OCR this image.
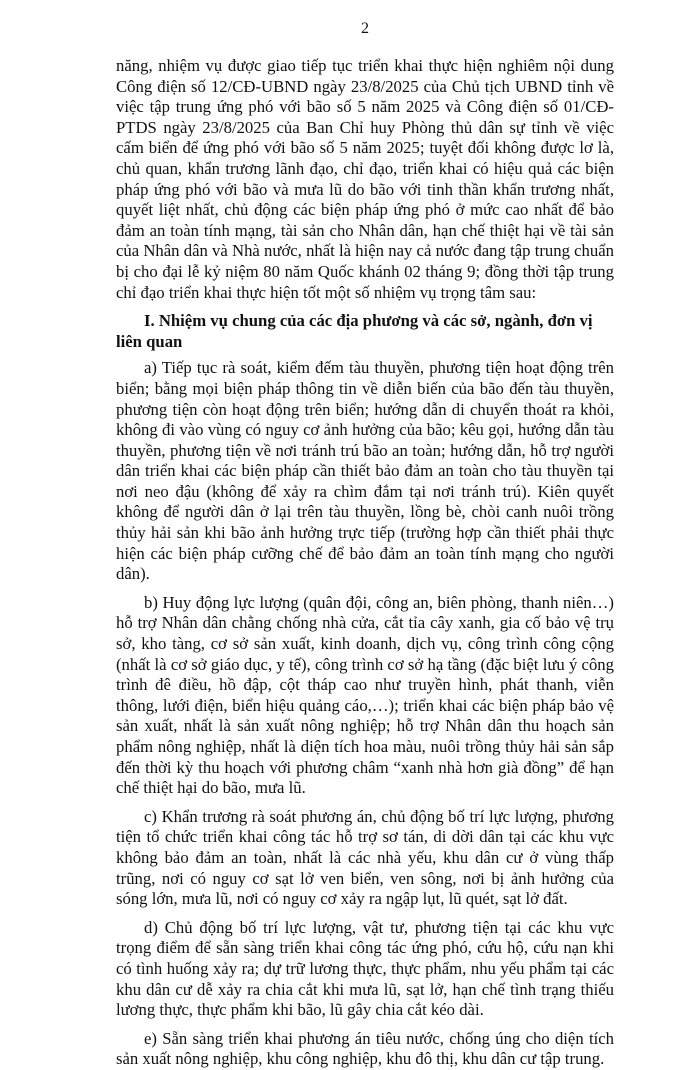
2

năng, nhiệm vụ được giao tiếp tục triển khai thực hiện nghiêm nội dung Công điện số 12/CĐ-UBND ngày 23/8/2025 của Chủ tịch UBND tỉnh về việc tập trung ứng phó với bão số 5 năm 2025 và Công điện số 01/CĐ-PTDS ngày 23/8/2025 của Ban Chỉ huy Phòng thủ dân sự tỉnh về việc cấm biển để ứng phó với bão số 5 năm 2025; tuyệt đối không được lơ là, chủ quan, khẩn trương lãnh đạo, chỉ đạo, triển khai có hiệu quả các biện pháp ứng phó với bão và mưa lũ do bão với tinh thần khẩn trương nhất, quyết liệt nhất, chủ động các biện pháp ứng phó ở mức cao nhất để bảo đảm an toàn tính mạng, tài sản cho Nhân dân, hạn chế thiệt hại về tài sản của Nhân dân và Nhà nước, nhất là hiện nay cả nước đang tập trung chuẩn bị cho đại lễ kỷ niệm 80 năm Quốc khánh 02 tháng 9; đồng thời tập trung chỉ đạo triển khai thực hiện tốt một số nhiệm vụ trọng tâm sau:

I. Nhiệm vụ chung của các địa phương và các sở, ngành, đơn vị liên quan

a) Tiếp tục rà soát, kiểm đếm tàu thuyền, phương tiện hoạt động trên biển; bằng mọi biện pháp thông tin về diễn biến của bão đến tàu thuyền, phương tiện còn hoạt động trên biển; hướng dẫn di chuyển thoát ra khỏi, không đi vào vùng có nguy cơ ảnh hưởng của bão; kêu gọi, hướng dẫn tàu thuyền, phương tiện về nơi tránh trú bão an toàn; hướng dẫn, hỗ trợ người dân triển khai các biện pháp cần thiết bảo đảm an toàn cho tàu thuyền tại nơi neo đậu (không để xảy ra chìm đắm tại nơi tránh trú). Kiên quyết không để người dân ở lại trên tàu thuyền, lồng bè, chòi canh nuôi trồng thủy hải sản khi bão ảnh hưởng trực tiếp (trường hợp cần thiết phải thực hiện các biện pháp cưỡng chế để bảo đảm an toàn tính mạng cho người dân).

b) Huy động lực lượng (quân đội, công an, biên phòng, thanh niên…) hỗ trợ Nhân dân chằng chống nhà cửa, cắt tỉa cây xanh, gia cố bảo vệ trụ sở, kho tàng, cơ sở sản xuất, kinh doanh, dịch vụ, công trình công cộng (nhất là cơ sở giáo dục, y tế), công trình cơ sở hạ tầng (đặc biệt lưu ý công trình đê điều, hồ đập, cột tháp cao như truyền hình, phát thanh, viễn thông, lưới điện, biển hiệu quảng cáo,…); triển khai các biện pháp bảo vệ sản xuất, nhất là sản xuất nông nghiệp; hỗ trợ Nhân dân thu hoạch sản phẩm nông nghiệp, nhất là diện tích hoa màu, nuôi trồng thủy hải sản sắp đến thời kỳ thu hoạch với phương châm “xanh nhà hơn già đồng” để hạn chế thiệt hại do bão, mưa lũ.

c) Khẩn trương rà soát phương án, chủ động bố trí lực lượng, phương tiện tổ chức triển khai công tác hỗ trợ sơ tán, di dời dân tại các khu vực không bảo đảm an toàn, nhất là các nhà yếu, khu dân cư ở vùng thấp trũng, nơi có nguy cơ sạt lở ven biển, ven sông, nơi bị ảnh hưởng của sóng lớn, mưa lũ, nơi có nguy cơ xảy ra ngập lụt, lũ quét, sạt lở đất.

d) Chủ động bố trí lực lượng, vật tư, phương tiện tại các khu vực trọng điểm để sẵn sàng triển khai công tác ứng phó, cứu hộ, cứu nạn khi có tình huống xảy ra; dự trữ lương thực, thực phẩm, nhu yếu phẩm tại các khu dân cư dễ xảy ra chia cắt khi mưa lũ, sạt lở, hạn chế tình trạng thiếu lương thực, thực phẩm khi bão, lũ gây chia cắt kéo dài.

e) Sẵn sàng triển khai phương án tiêu nước, chống úng cho diện tích sản xuất nông nghiệp, khu công nghiệp, khu đô thị, khu dân cư tập trung.
